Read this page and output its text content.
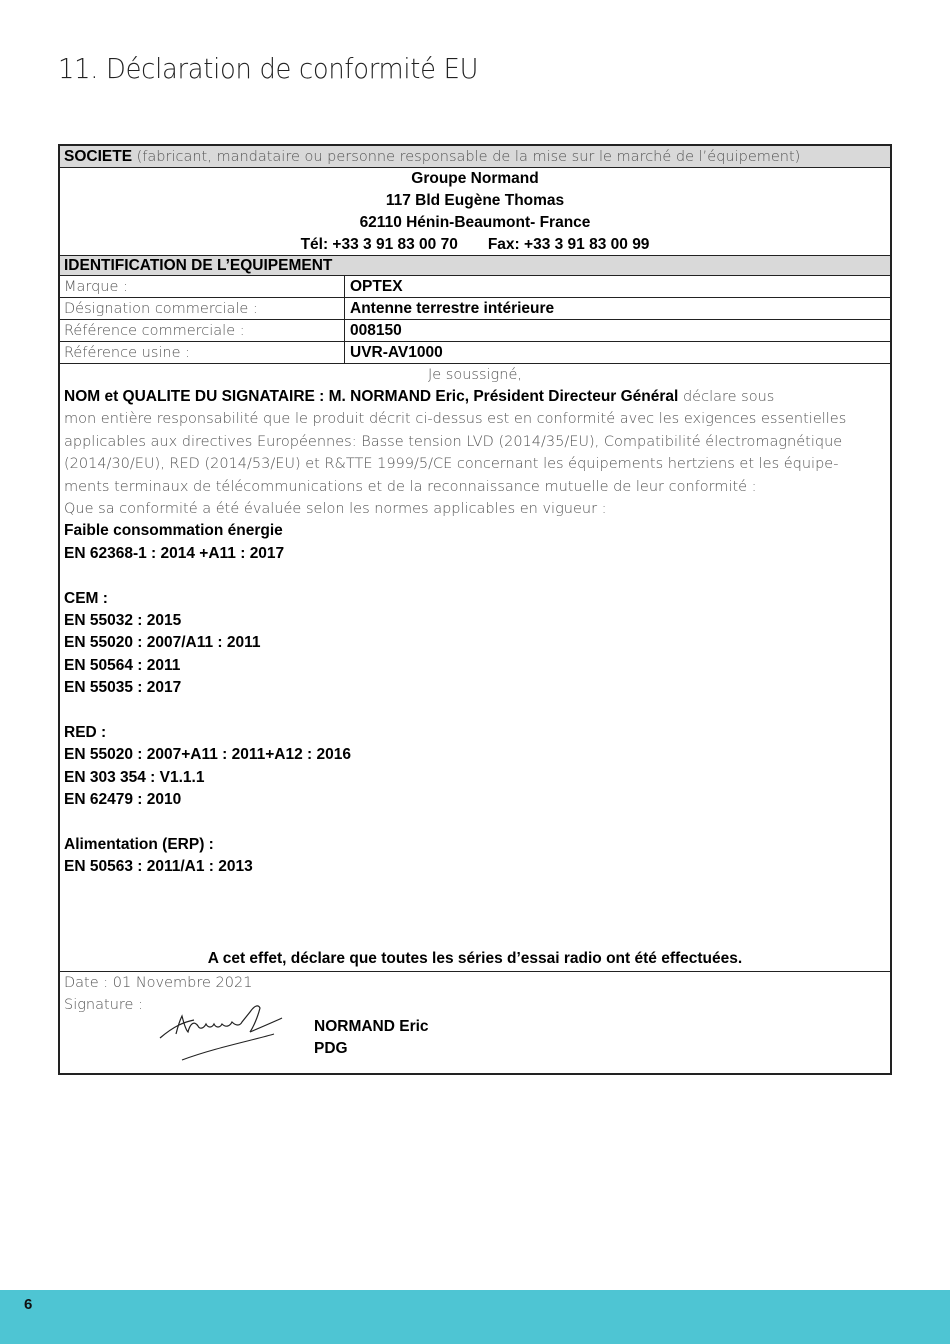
11. Déclaration de conformité EU
SOCIETE (fabricant, mandataire ou personne responsable de la mise sur le marché de l’équipement)
Groupe Normand
117 Bld Eugène Thomas
62110 Hénin-Beaumont- France
Tél: +33 3 91 83 00 70 Fax: +33 3 91 83 00 99
IDENTIFICATION DE L’EQUIPEMENT
Marque :	OPTEX
Désignation commerciale :	Antenne terrestre intérieure
Référence commerciale :	008150
Référence usine :	UVR-AV1000
Je soussigné,
NOM et QUALITE DU SIGNATAIRE : M. NORMAND Eric, Président Directeur Général déclare sous
mon entière responsabilité que le produit décrit ci-dessus est en conformité avec les exigences essentielles
applicables aux directives Européennes: Basse tension LVD (2014/35/EU), Compatibilité électromagnétique
(2014/30/EU), RED (2014/53/EU) et R&TTE 1999/5/CE concernant les équipements hertziens et les équipe-
ments terminaux de télécommunications et de la reconnaissance mutuelle de leur conformité :
Que sa conformité a été évaluée selon les normes applicables en vigueur :
Faible consommation énergie
EN 62368-1 : 2014 +A11 : 2017
CEM :
EN 55032 : 2015
EN 55020 : 2007/A11 : 2011
EN 50564 : 2011
EN 55035 : 2017
RED :
EN 55020 : 2007+A11 : 2011+A12 : 2016
EN 303 354 : V1.1.1
EN 62479 : 2010
Alimentation (ERP) :
EN 50563 : 2011/A1 : 2013
A cet effet, déclare que toutes les séries d’essai radio ont été effectuées.
Date : 01 Novembre 2021
Signature :
NORMAND Eric
PDG
6
